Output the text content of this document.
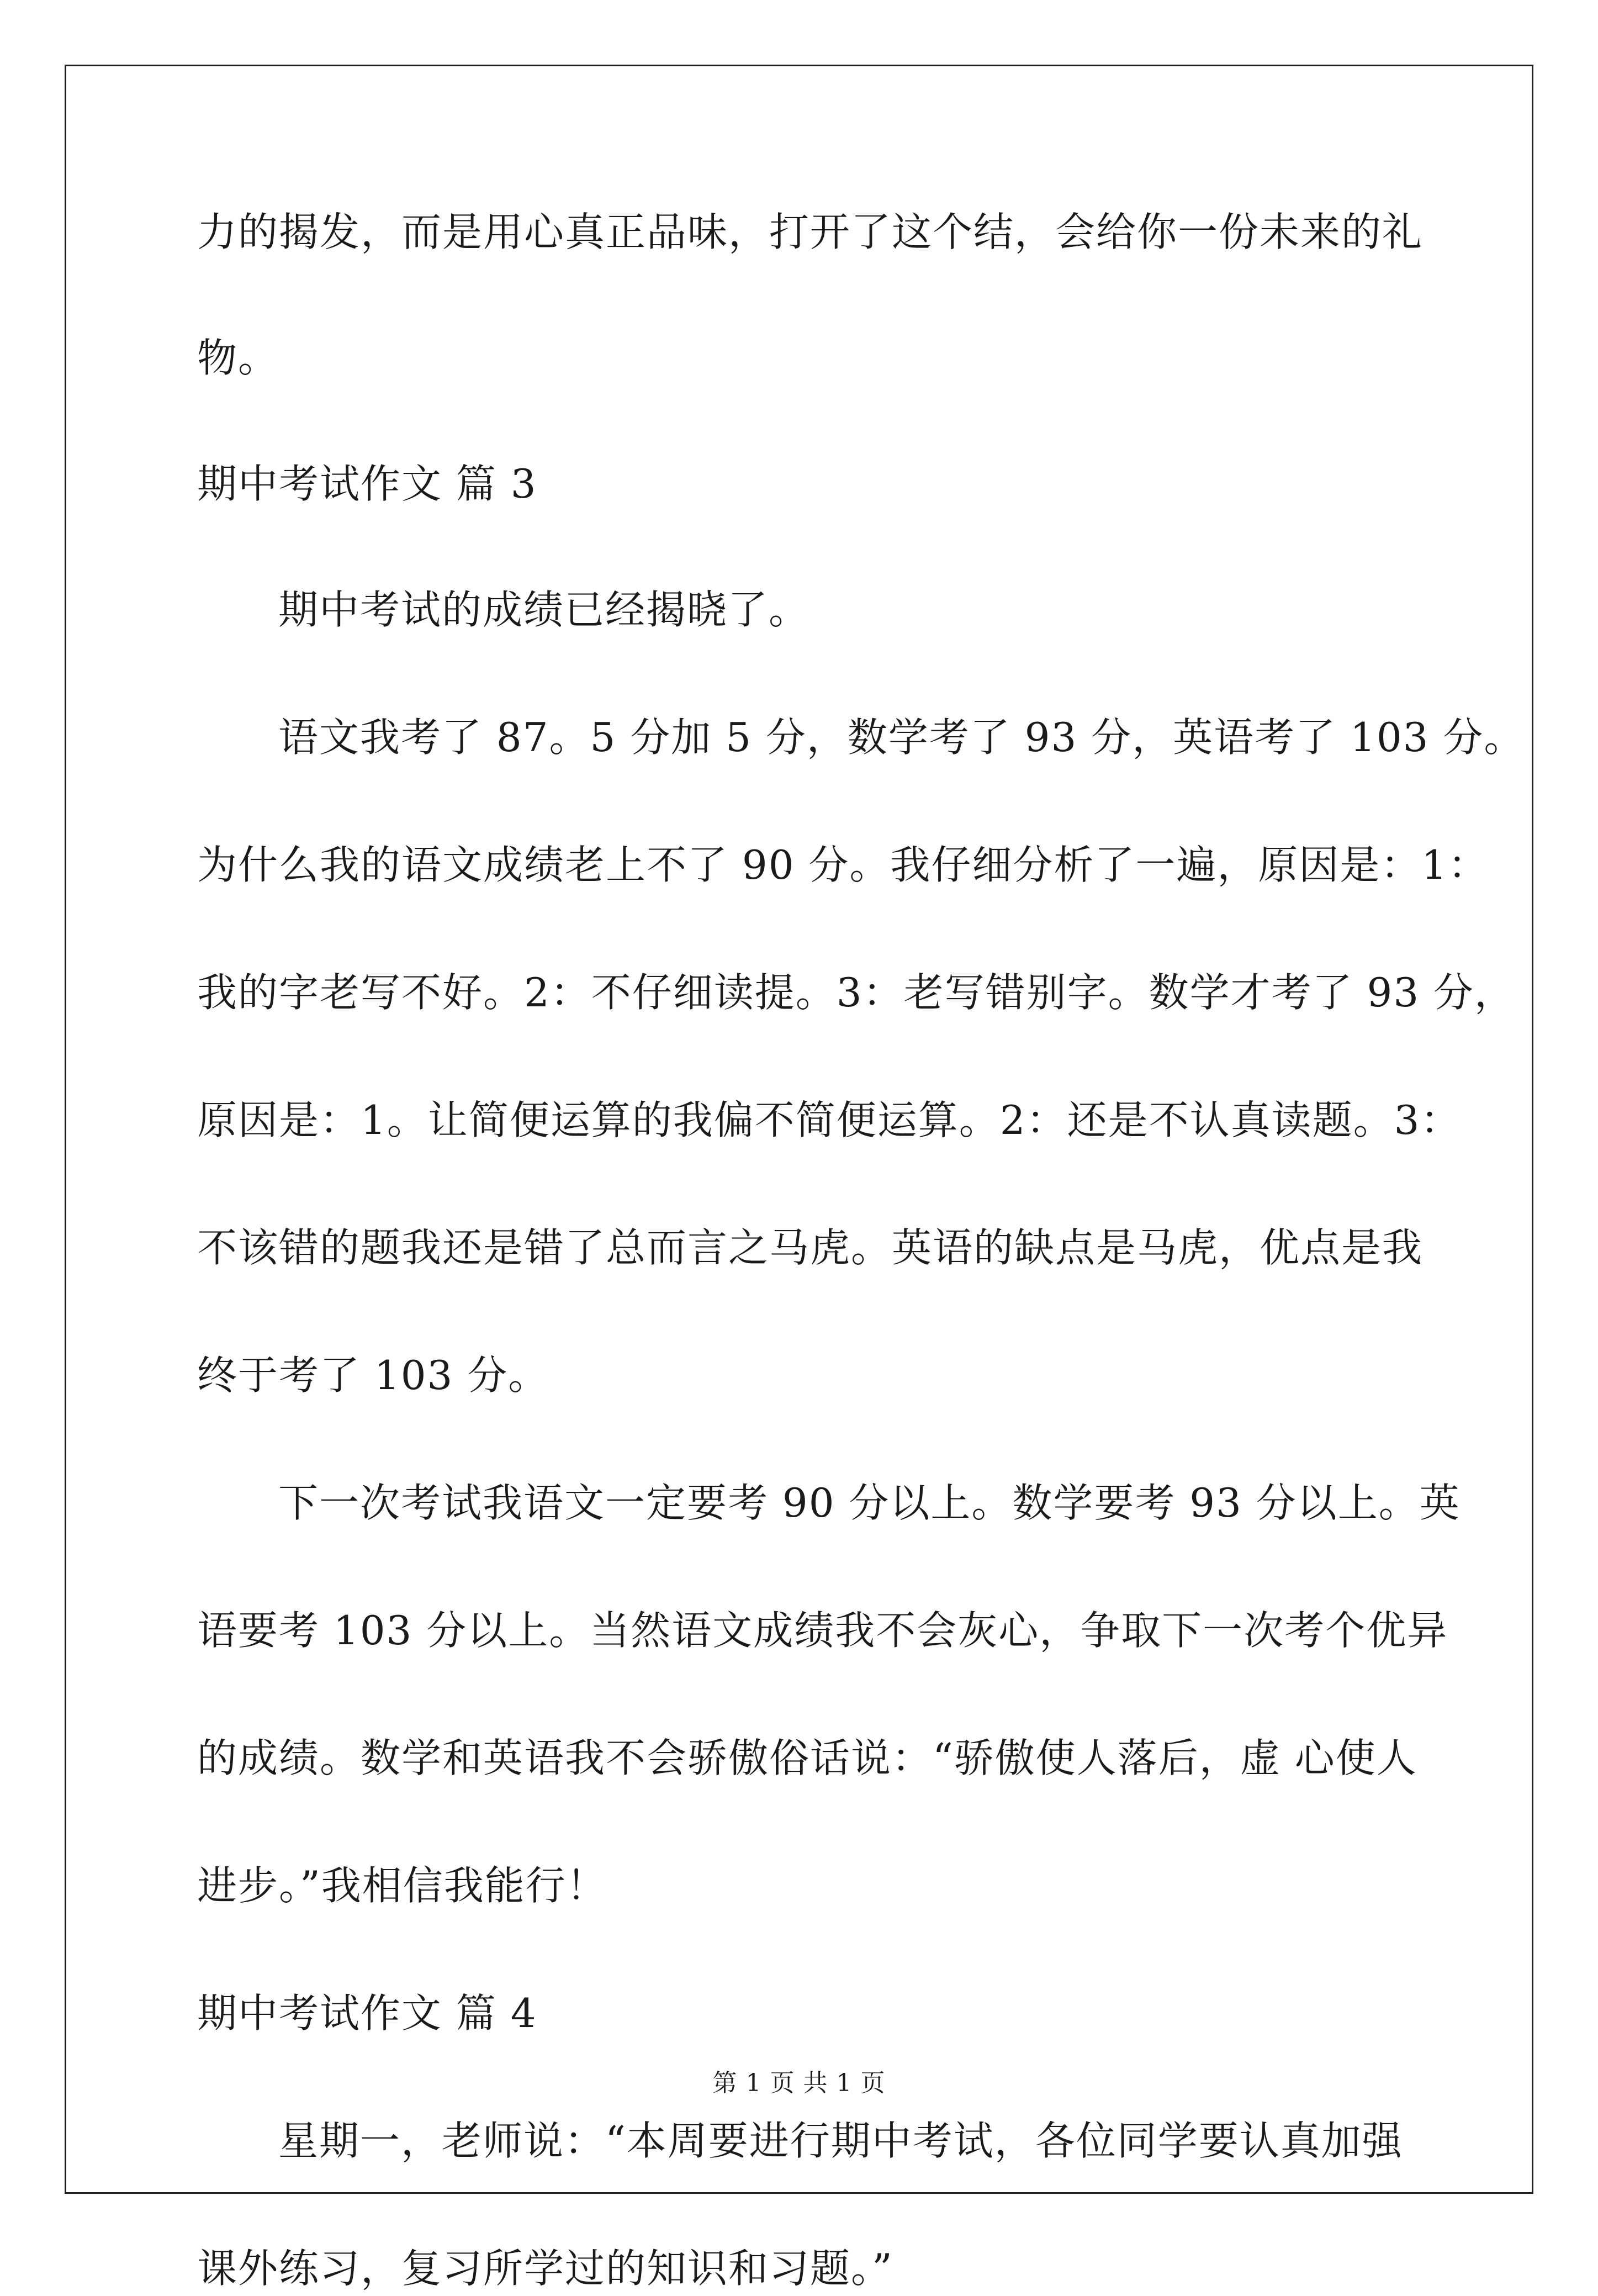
力的揭发，而是用心真正品味，打开了这个结，会给你一份未来的礼

物。

期中考试作文 篇 3

期中考试的成绩已经揭晓了。

语文我考了 87。5 分加 5 分，数学考了 93 分，英语考了 103 分。

为什么我的语文成绩老上不了 90 分。我仔细分析了一遍，原因是：1：

我的字老写不好。2：不仔细读提。3：老写错别字。数学才考了 93 分，

原因是：1。让简便运算的我偏不简便运算。2：还是不认真读题。3：

不该错的题我还是错了总而言之马虎。英语的缺点是马虎，优点是我

终于考了 103 分。

下一次考试我语文一定要考 90 分以上。数学要考 93 分以上。英

语要考 103 分以上。当然语文成绩我不会灰心，争取下一次考个优异

的成绩。数学和英语我不会骄傲俗话说：“骄傲使人落后，虚 心使人

进步。”我相信我能行！

期中考试作文 篇 4

星期一，老师说：“本周要进行期中考试，各位同学要认真加强

课外练习，复习所学过的知识和习题。”

第 1 页 共 1 页
